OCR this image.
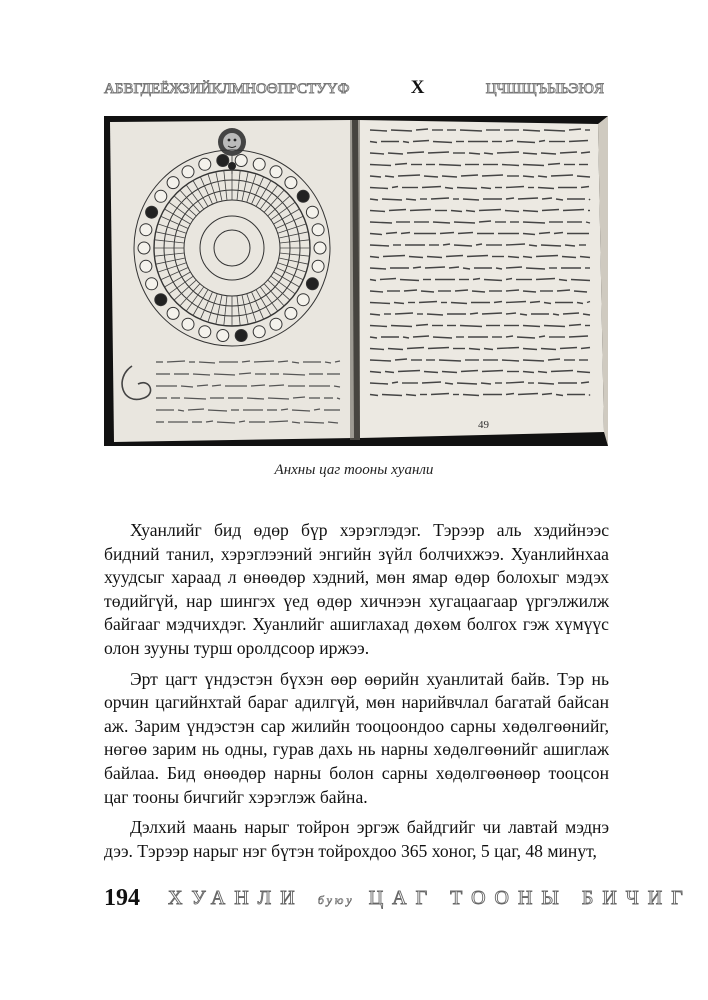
АБВГДЕЁЖЗИЙКЛМНОӨПРСТУҮФ	Х	ЦЧШЩЪЫЬЭЮЯ
49
Анхны цаг тооны хуанли

Хуанлийг бид өдөр бүр хэрэглэдэг. Тэрээр аль хэдийнээс бидний танил, хэрэглээний энгийн зүйл болчихжээ. Хуанлийнхаа хуудсыг хараад л өнөөдөр хэдний, мөн ямар өдөр болохыг мэдэх төдийгүй, нар шингэх үед өдөр хичнээн хугацаагаар үргэлжилж байгааг мэдчихдэг. Хуанлийг ашиглахад дөхөм болгох гэж хүмүүс олон зууны турш оролдсоор иржээ.

Эрт цагт үндэстэн бүхэн өөр өөрийн хуанлитай байв. Тэр нь орчин цагийнхтай бараг адилгүй, мөн нарийвчлал багатай байсан аж. Зарим үндэстэн сар жилийн тооцоондоо сарны хөдөлгөөнийг, нөгөө зарим нь одны, гурав дахь нь нарны хөдөлгөөнийг ашиглаж байлаа. Бид өнөөдөр нарны болон сарны хөдөлгөөнөөр тооцсон цаг тооны бичгийг хэрэглэж байна.

Дэлхий маань нарыг тойрон эргэж байдгийг чи лавтай мэднэ дээ. Тэрээр нарыг нэг бүтэн тойрохдоо 365 хоног, 5 цаг, 48 минут,

194 ХУАНЛИ буюу ЦАГ ТООНЫ БИЧИГ
